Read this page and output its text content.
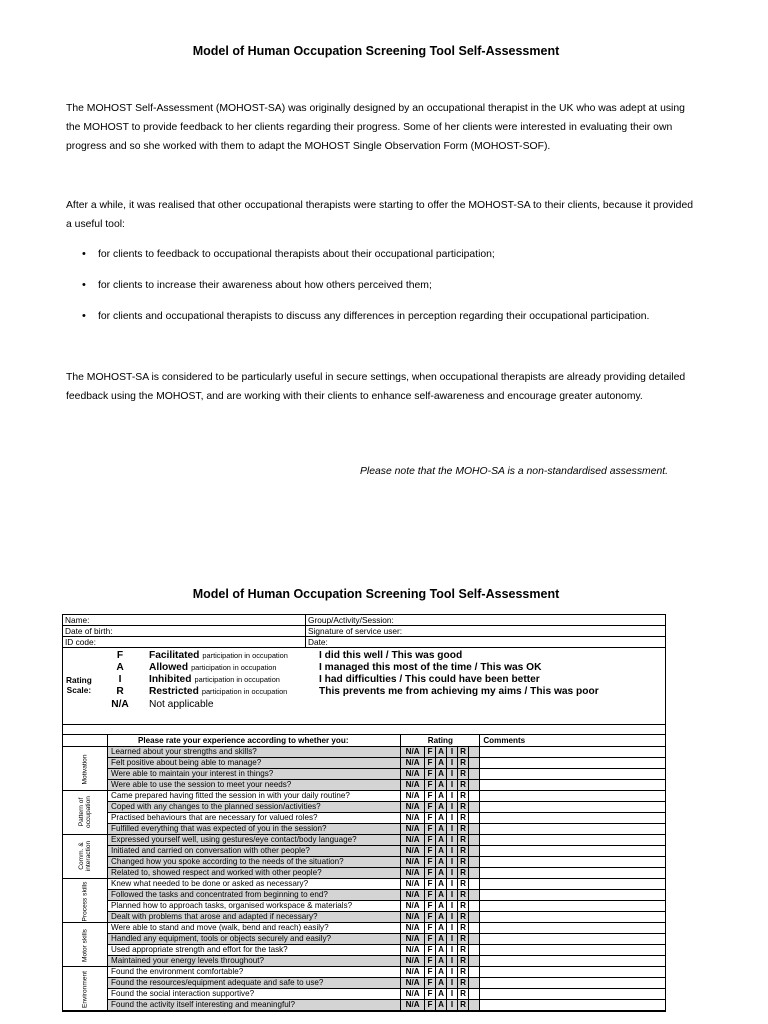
Model of Human Occupation Screening Tool Self-Assessment

The MOHOST Self-Assessment (MOHOST-SA) was originally designed by an occupational therapist in the UK who was adept at using the MOHOST to provide feedback to her clients regarding their progress. Some of her clients were interested in evaluating their own progress and so she worked with them to adapt the MOHOST Single Observation Form (MOHOST-SOF).

After a while, it was realised that other occupational therapists were starting to offer the MOHOST-SA to their clients, because it provided a useful tool:

• for clients to feedback to occupational therapists about their occupational participation;
• for clients to increase their awareness about how others perceived them;
• for clients and occupational therapists to discuss any differences in perception regarding their occupational participation.

The MOHOST-SA is considered to be particularly useful in secure settings, when occupational therapists are already providing detailed feedback using the MOHOST, and are working with their clients to enhance self-awareness and encourage greater autonomy.

Please note that the MOHO-SA is a non-standardised assessment.
Model of Human Occupation Screening Tool Self-Assessment
Name:	Group/Activity/Session:
Date of birth:	Signature of service user:
ID code:	Date:
Rating
Scale:
F	Facilitated participation in occupation	I did this well / This was good
A	Allowed participation in occupation	I managed this most of the time / This was OK
I	Inhibited participation in occupation	I had difficulties / This could have been better
R	Restricted participation in occupation	This prevents me from achieving my aims / This was poor
N/A	Not applicable
	Please rate your experience according to whether you:	Rating						Comments
Motivation	Learned about your strengths and skills?	N/A	F	A	I	R		
	Felt positive about being able to manage?	N/A	F	A	I	R		
	Were able to maintain your interest in things?	N/A	F	A	I	R		
	Were able to use the session to meet your needs?	N/A	F	A	I	R		
Pattern of occupation	Came prepared having fitted the session in with your daily routine?	N/A	F	A	I	R		
	Coped with any changes to the planned session/activities?	N/A	F	A	I	R		
	Practised behaviours that are necessary for valued roles?	N/A	F	A	I	R		
	Fulfilled everything that was expected of you in the session?	N/A	F	A	I	R		
Comm. & interaction	Expressed yourself well, using gestures/eye contact/body language?	N/A	F	A	I	R		
	Initiated and carried on conversation with other people?	N/A	F	A	I	R		
	Changed how you spoke according to the needs of the situation?	N/A	F	A	I	R		
	Related to, showed respect and worked with other people?	N/A	F	A	I	R		
Process skills	Knew what needed to be done or asked as necessary?	N/A	F	A	I	R		
	Followed the tasks and concentrated from beginning to end?	N/A	F	A	I	R		
	Planned how to approach tasks, organised workspace & materials?	N/A	F	A	I	R		
	Dealt with problems that arose and adapted if necessary?	N/A	F	A	I	R		
Motor skills	Were able to stand and move (walk, bend and reach) easily?	N/A	F	A	I	R		
	Handled any equipment, tools or objects securely and easily?	N/A	F	A	I	R		
	Used appropriate strength and effort for the task?	N/A	F	A	I	R		
	Maintained your energy levels throughout?	N/A	F	A	I	R		
Environment	Found the environment comfortable?	N/A	F	A	I	R		
	Found the resources/equipment adequate and safe to use?	N/A	F	A	I	R		
	Found the social interaction supportive?	N/A	F	A	I	R		
	Found the activity itself interesting and meaningful?	N/A	F	A	I	R		
